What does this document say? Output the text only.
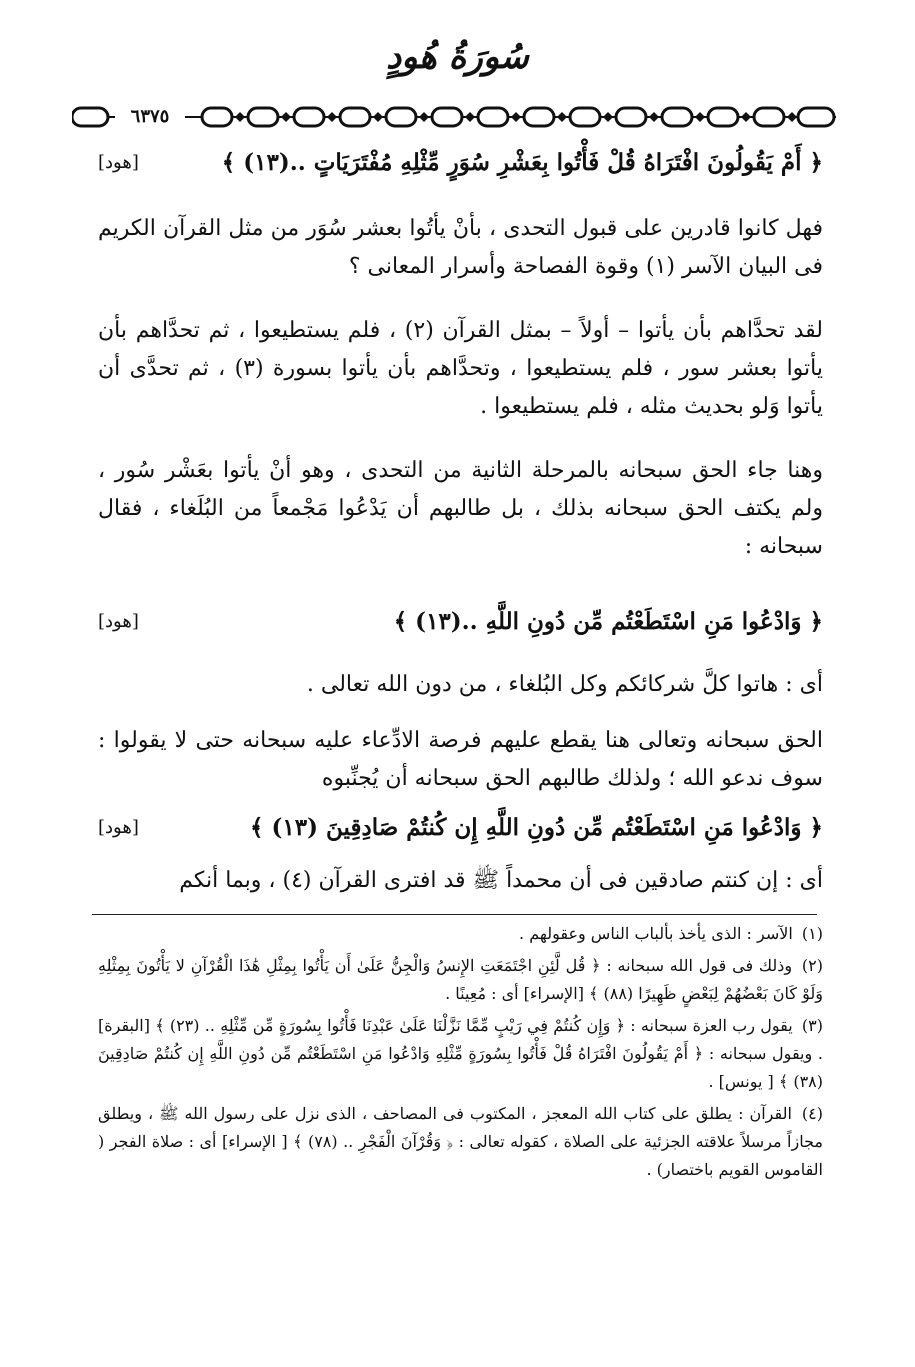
سُورَةُ هُودٍ
٦٣٧٥
﴿ أَمْ يَقُولُونَ افْتَرَاهُ قُلْ فَأْتُوا بِعَشْرِ سُوَرٍ مِّثْلِهِ مُفْتَرَيَاتٍ ..(١٣) ﴾
[هود]
فهل كانوا قادرين على قبول التحدى ، بأنْ يأتُوا بعشر سُوَر من مثل القرآن الكريم فى البيان الآسر (١) وقوة الفصاحة وأسرار المعانى ؟
لقد تحدَّاهم بأن يأتوا – أولاً – بمثل القرآن (٢) ، فلم يستطيعوا ، ثم تحدَّاهم بأن يأتوا بعشر سور ، فلم يستطيعوا ، وتحدَّاهم بأن يأتوا بسورة (٣) ، ثم تحدَّى أن يأتوا وَلو بحديث مثله ، فلم يستطيعوا .
وهنا جاء الحق سبحانه بالمرحلة الثانية من التحدى ، وهو أنْ يأتوا بعَشْر سُور ، ولم يكتف الحق سبحانه بذلك ، بل طالبهم أن يَدْعُوا مَجْمعاً من البُلَغاء ، فقال سبحانه :
﴿ وَادْعُوا مَنِ اسْتَطَعْتُم مِّن دُونِ اللَّهِ ..(١٣) ﴾
[هود]
أى : هاتوا كلَّ شركائكم وكل البُلغاء ، من دون الله تعالى .
الحق سبحانه وتعالى هنا يقطع عليهم فرصة الادِّعاء عليه سبحانه حتى لا يقولوا : سوف ندعو الله ؛ ولذلك طالبهم الحق سبحانه أن يُجنِّبوه
﴿ وَادْعُوا مَنِ اسْتَطَعْتُم مِّن دُونِ اللَّهِ إِن كُنتُمْ صَادِقِينَ (١٣) ﴾
[هود]
أى : إن كنتم صادقين فى أن محمداً ﷺ قد افترى القرآن (٤) ، وبما أنكم

(١) الآسر : الذى يأخذ بألباب الناس وعقولهم .

(٢) وذلك فى قول الله سبحانه : ﴿ قُل لَّئِنِ اجْتَمَعَتِ الإِنسُ وَالْجِنُّ عَلَىٰ أَن يَأْتُوا بِمِثْلِ هَٰذَا الْقُرْآنِ لا يَأْتُونَ بِمِثْلِهِ وَلَوْ كَانَ بَعْضُهُمْ لِبَعْضٍ ظَهِيرًا (٨٨) ﴾ [الإسراء] أى : مُعِينًا .

(٣) يقول رب العزة سبحانه : ﴿ وَإِن كُنتُمْ فِي رَيْبٍ مِّمَّا نَزَّلْنَا عَلَىٰ عَبْدِنَا فَأْتُوا بِسُورَةٍ مِّن مِّثْلِهِ .. (٢٣) ﴾ [البقرة] . ويقول سبحانه : ﴿ أَمْ يَقُولُونَ افْتَرَاهُ قُلْ فَأْتُوا بِسُورَةٍ مِّثْلِهِ وَادْعُوا مَنِ اسْتَطَعْتُم مِّن دُونِ اللَّهِ إِن كُنتُمْ صَادِقِينَ (٣٨) ﴾ [ يونس] .

(٤) القرآن : يطلق على كتاب الله المعجز ، المكتوب فى المصاحف ، الذى نزل على رسول الله ﷺ ، ويطلق مجازاً مرسلاً علاقته الجزئية على الصلاة ، كقوله تعالى : ﴿ وَقُرْآنَ الْفَجْرِ .. (٧٨) ﴾ [ الإسراء] أى : صلاة الفجر ( القاموس القويم باختصار) .
